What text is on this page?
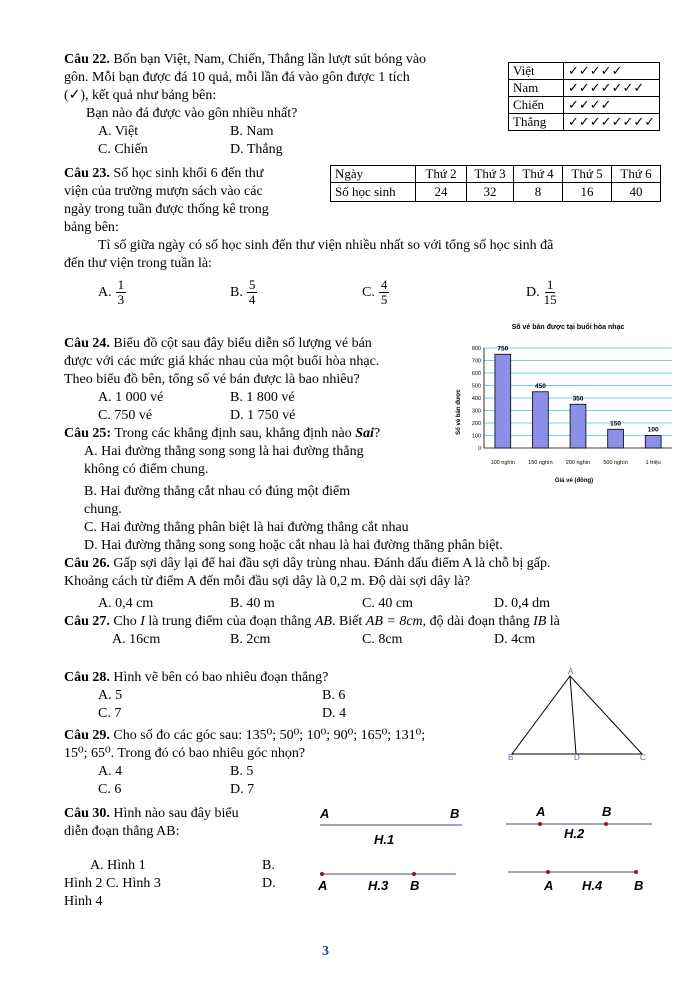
Câu 22. Bốn bạn Việt, Nam, Chiến, Thắng lần lượt sút bóng vào
gôn. Mỗi bạn được đá 10 quả, mỗi lần đá vào gôn được 1 tích
(✓), kết quả như bảng bên:
Bạn nào đá được vào gôn nhiều nhất?
A. Việt	B. Nam
C. Chiến	D. Thắng
Việt	✓✓✓✓✓
Nam	✓✓✓✓✓✓✓
Chiến	✓✓✓✓
Thắng	✓✓✓✓✓✓✓✓
Câu 23. Số học sinh khối 6 đến thư
viện của trường mượn sách vào các
ngày trong tuần được thống kê trong
bảng bên:
Tỉ số giữa ngày có số học sinh đến thư viện nhiều nhất so với tổng số học sinh đã
đến thư viện trong tuần là:
Ngày	Thứ 2	Thứ 3	Thứ 4	Thứ 5	Thứ 6
Số học sinh	24	32	8	16	40
A. $\frac{1}{3}$	B. $\frac{5}{4}$	C. $\frac{4}{5}$	D. $\frac{1}{15}$
Câu 24. Biểu đồ cột sau đây biểu diễn số lượng vé bán
được với các mức giá khác nhau của một buổi hòa nhạc.
Theo biểu đồ bên, tổng số vé bán được là bao nhiêu?
A. 1 000 vé	B. 1 800 vé
C. 750 vé	D. 1 750 vé
Số vé bán được tại buổi hòa nhạc
Số vé bán được
Giá vé (đồng)
0
100
200
300
400
500
600
700
800	750
100 nghìn
450
150 nghìn
350
200 nghìn
150
500 nghìn
100
1 triệu
Câu 25: Trong các khẳng định sau, khẳng định nào Sai?
A. Hai đường thẳng song song là hai đường thẳng
không có điểm chung.
B. Hai đường thẳng cắt nhau có đúng một điểm
chung.
C. Hai đường thẳng phân biệt là hai đường thẳng cắt nhau
D. Hai đường thẳng song song hoặc cắt nhau là hai đường thẳng phân biệt.
Câu 26. Gấp sợi dây lại để hai đầu sợi dây trùng nhau. Đánh dấu điểm A là chỗ bị gấp.
Khoảng cách từ điểm A đến mỗi đầu sợi dây là 0,2 m. Độ dài sợi dây là?
A. 0,4 cm	B. 40 m	C. 40 cm	D. 0,4 dm
Câu 27. Cho I là trung điểm của đoạn thẳng AB. Biết AB = 8cm, độ dài đoạn thẳng IB là
A. 16cm	B. 2cm	C. 8cm	D. 4cm
Câu 28. Hình vẽ bên có bao nhiêu đoạn thẳng?
A. 5	B. 6
C. 7	D. 4
A
B	D	C
Câu 29. Cho số đo các góc sau: 135⁰; 50⁰; 10⁰; 90⁰; 165⁰; 131⁰;
15⁰; 65⁰. Trong đó có bao nhiêu góc nhọn?
A. 4	B. 5
C. 6	D. 7
Câu 30. Hình nào sau đây biểu
diễn đoạn thẳng AB:
A. Hình 1	B.
Hình 2 C. Hình 3	D.
Hình 4
A	B
H.1
A	B
H.2
A	H.3 B	A H.4 B
3
